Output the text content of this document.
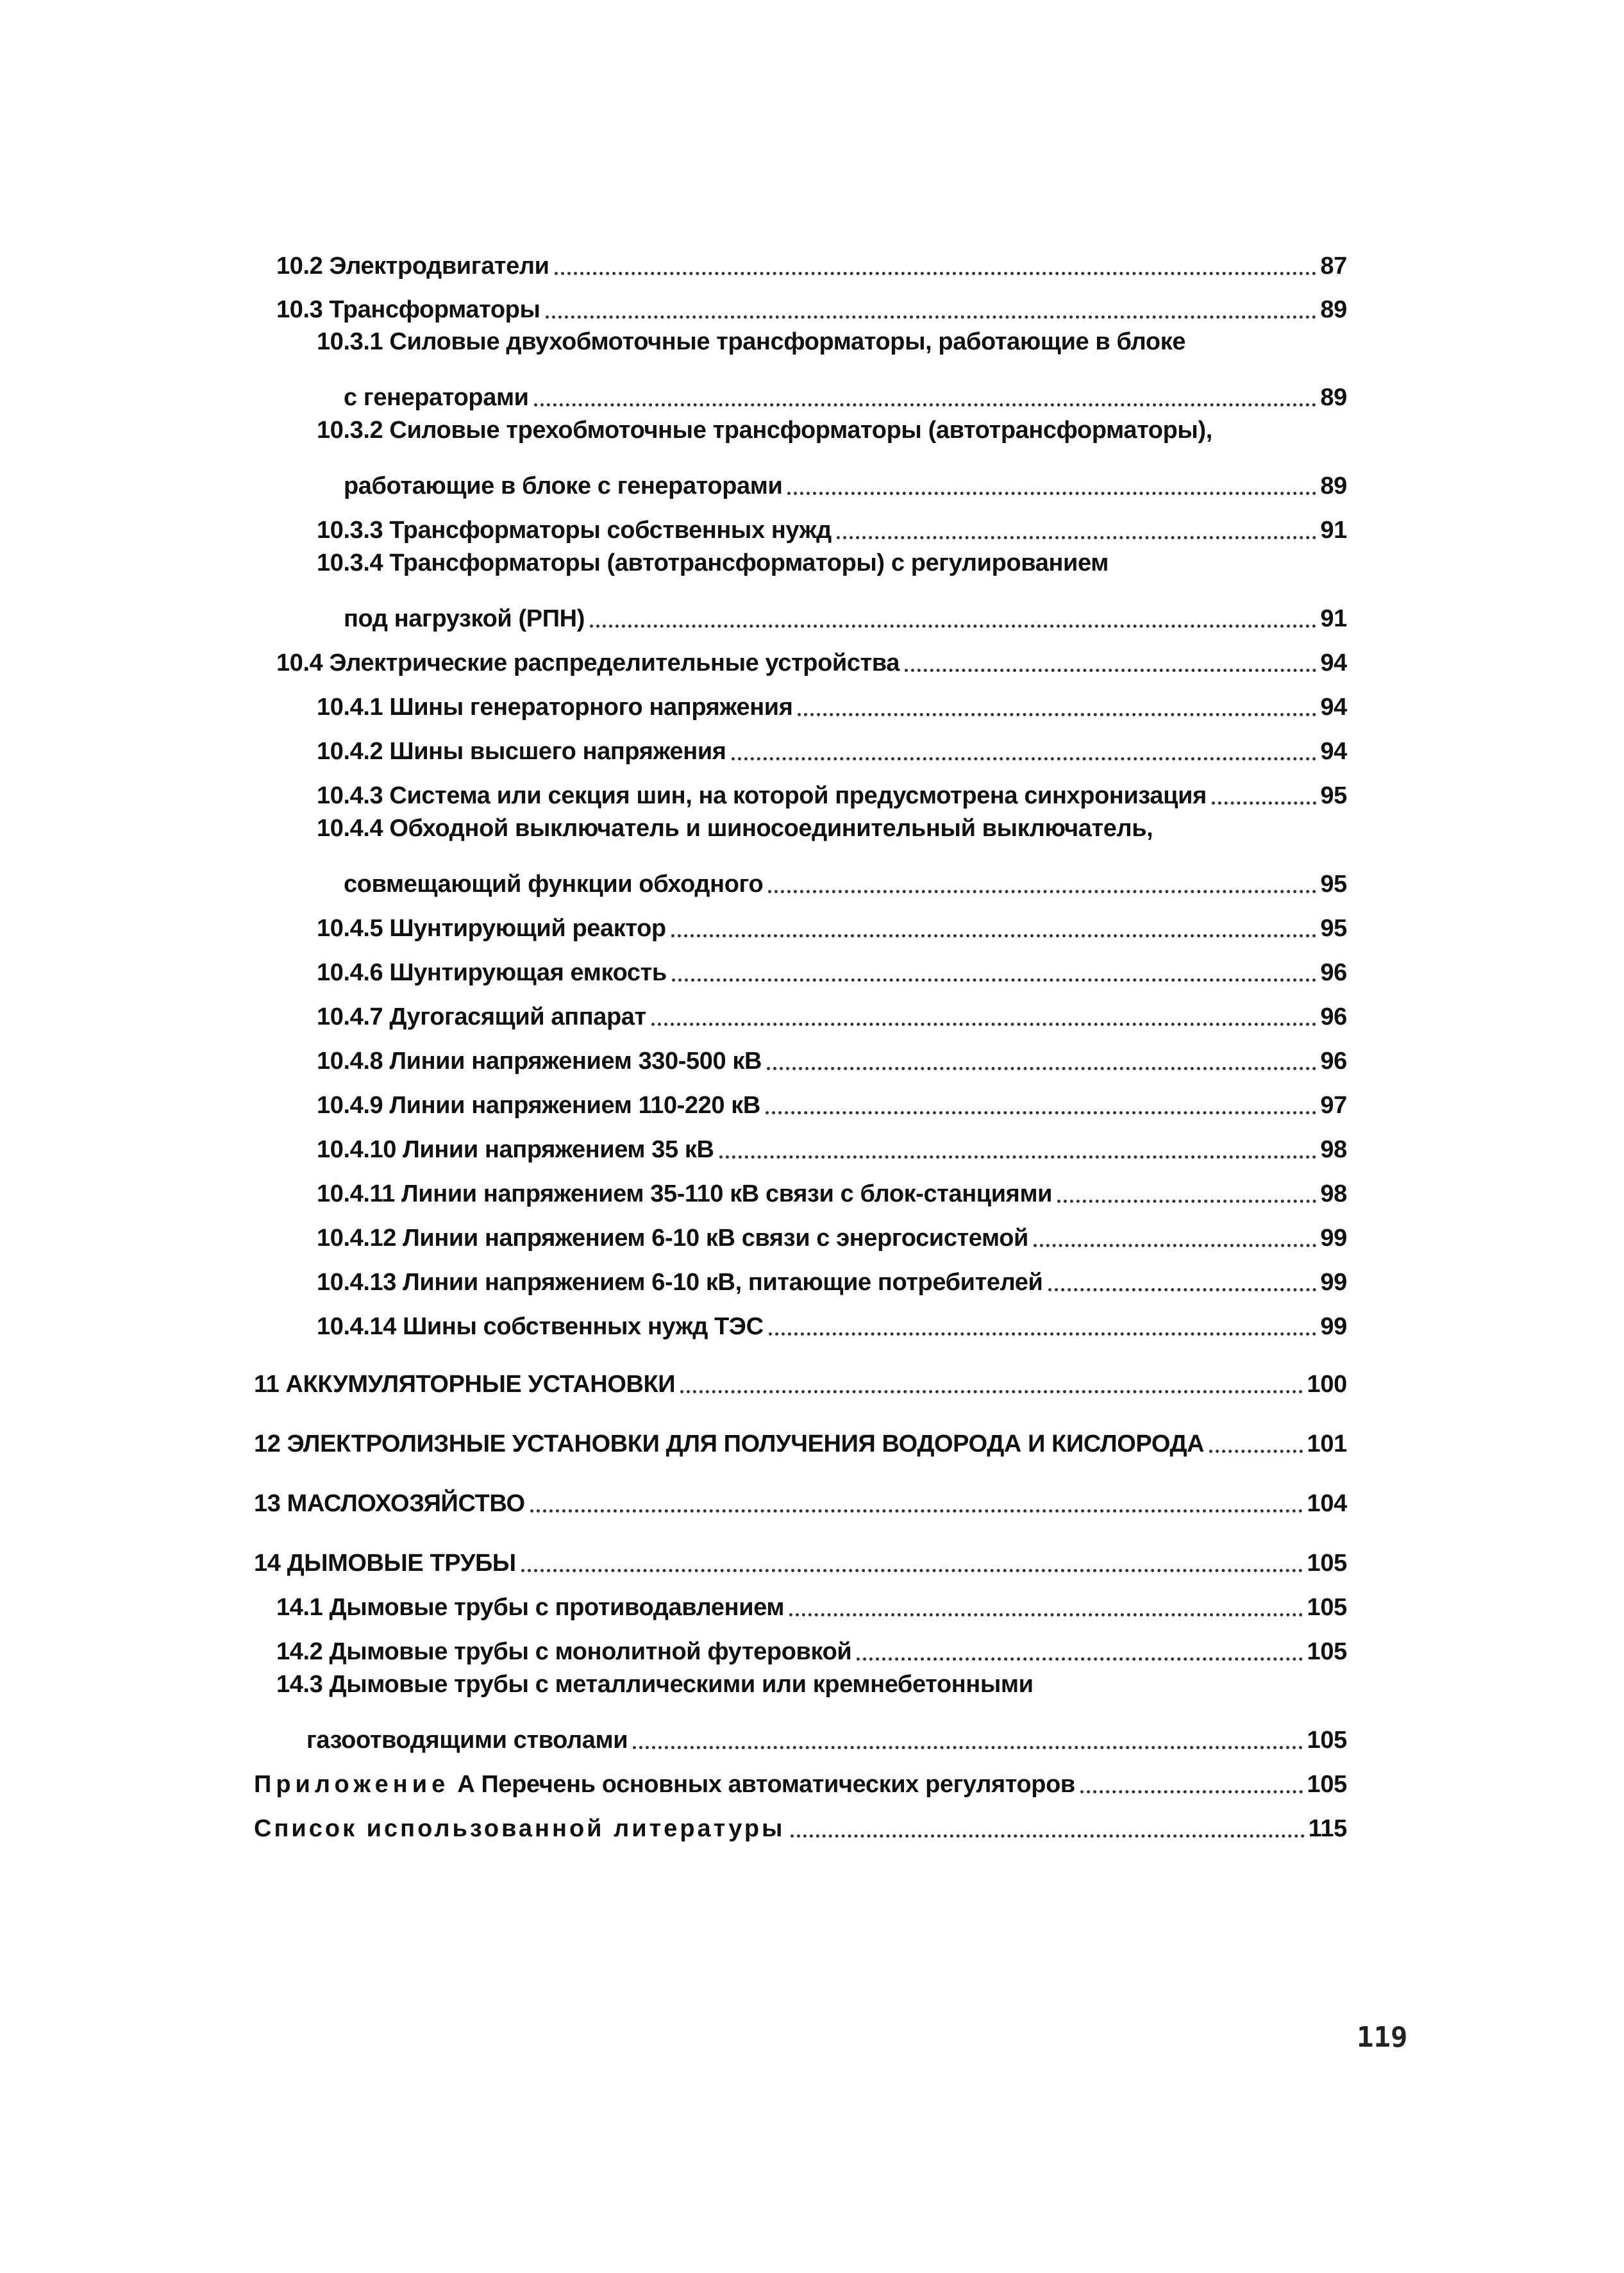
10.2 Электродвигатели	87
10.3 Трансформаторы	89
10.3.1 Силовые двухобмоточные трансформаторы, работающие в блоке
с генераторами	89
10.3.2 Силовые трехобмоточные трансформаторы (автотрансформаторы),
работающие в блоке с генераторами	89
10.3.3 Трансформаторы собственных нужд	91
10.3.4 Трансформаторы (автотрансформаторы) с регулированием
под нагрузкой (РПН)	91
10.4 Электрические распределительные устройства	94
10.4.1 Шины генераторного напряжения	94
10.4.2 Шины высшего напряжения	94
10.4.3 Система или секция шин, на которой предусмотрена синхронизация	95
10.4.4 Обходной выключатель и шиносоединительный выключатель,
совмещающий функции обходного	95
10.4.5 Шунтирующий реактор	95
10.4.6 Шунтирующая емкость	96
10.4.7 Дугогасящий аппарат	96
10.4.8 Линии напряжением 330-500 кВ	96
10.4.9 Линии напряжением 110-220 кВ	97
10.4.10 Линии напряжением 35 кВ	98
10.4.11 Линии напряжением 35-110 кВ связи с блок-станциями	98
10.4.12 Линии напряжением 6-10 кВ связи с энергосистемой	99
10.4.13 Линии напряжением 6-10 кВ, питающие потребителей	99
10.4.14 Шины собственных нужд ТЭС	99
11 АККУМУЛЯТОРНЫЕ УСТАНОВКИ	100
12 ЭЛЕКТРОЛИЗНЫЕ УСТАНОВКИ ДЛЯ ПОЛУЧЕНИЯ ВОДОРОДА И КИСЛОРОДА	101
13 МАСЛОХОЗЯЙСТВО	104
14 ДЫМОВЫЕ ТРУБЫ	105
14.1 Дымовые трубы с противодавлением	105
14.2 Дымовые трубы с монолитной футеровкой	105
14.3 Дымовые трубы с металлическими или кремнебетонными
газоотводящими стволами	105
Приложение А Перечень основных автоматических регуляторов	105
Список использованной литературы	115
119
